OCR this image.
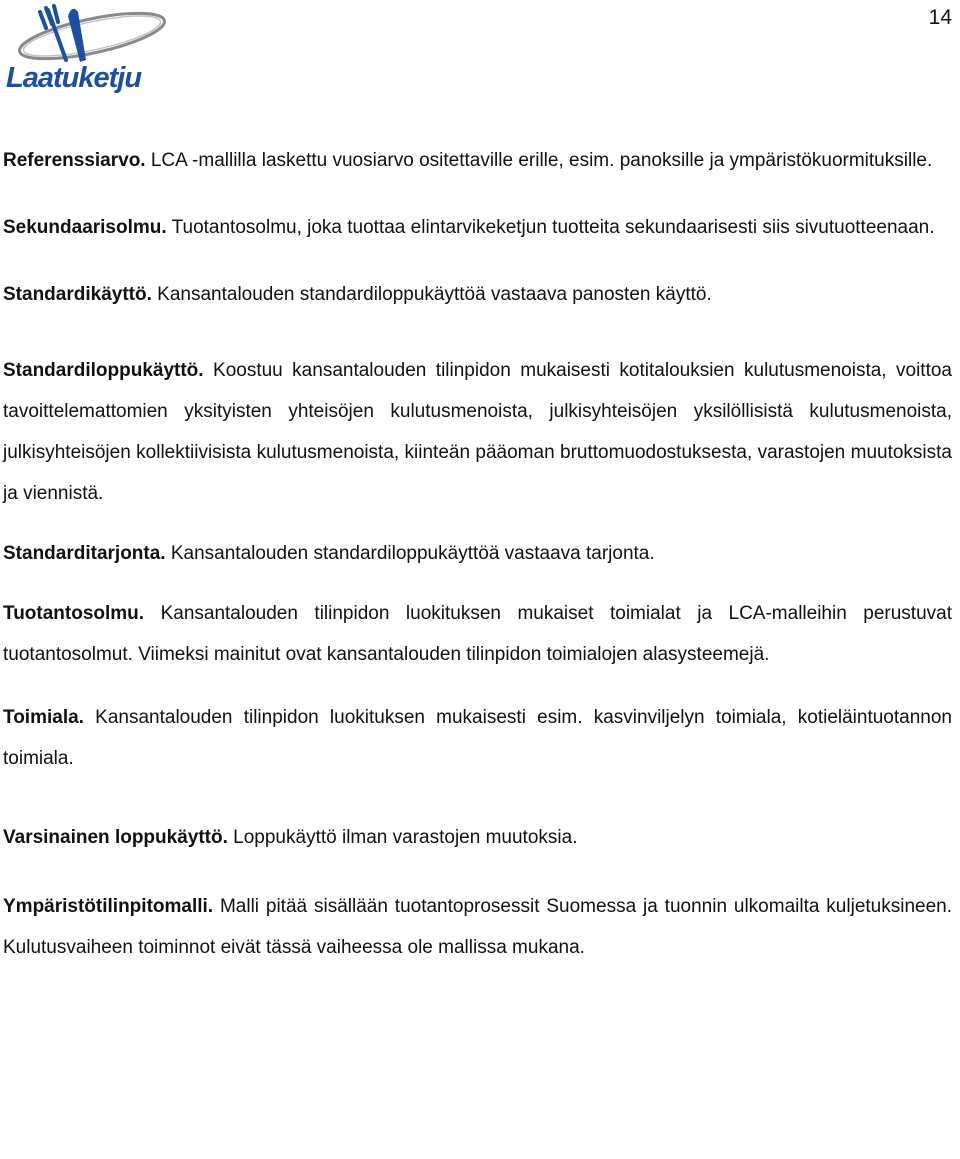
Laatuketju
14

Referenssiarvo. LCA -mallilla laskettu vuosiarvo ositettaville erille, esim. panoksille ja ympäristökuormituksille.

Sekundaarisolmu. Tuotantosolmu, joka tuottaa elintarvikeketjun tuotteita sekundaarisesti siis sivutuotteenaan.

Standardikäyttö. Kansantalouden standardiloppukäyttöä vastaava panosten käyttö.

Standardiloppukäyttö. Koostuu kansantalouden tilinpidon mukaisesti kotitalouksien kulutusmenoista, voittoa tavoittelemattomien yksityisten yhteisöjen kulutusmenoista, julkisyhteisöjen yksilöllisistä kulutusmenoista, julkisyhteisöjen kollektiivisista kulutusmenoista, kiinteän pääoman bruttomuodostuksesta, varastojen muutoksista ja viennistä.

Standarditarjonta. Kansantalouden standardiloppukäyttöä vastaava tarjonta.

Tuotantosolmu. Kansantalouden tilinpidon luokituksen mukaiset toimialat ja LCA-malleihin perustuvat tuotantosolmut. Viimeksi mainitut ovat kansantalouden tilinpidon toimialojen alasysteemejä.

Toimiala. Kansantalouden tilinpidon luokituksen mukaisesti esim. kasvinviljelyn toimiala, kotieläintuotannon toimiala.

Varsinainen loppukäyttö. Loppukäyttö ilman varastojen muutoksia.

Ympäristötilinpitomalli. Malli pitää sisällään tuotantoprosessit Suomessa ja tuonnin ulkomailta kuljetuksineen. Kulutusvaiheen toiminnot eivät tässä vaiheessa ole mallissa mukana.
